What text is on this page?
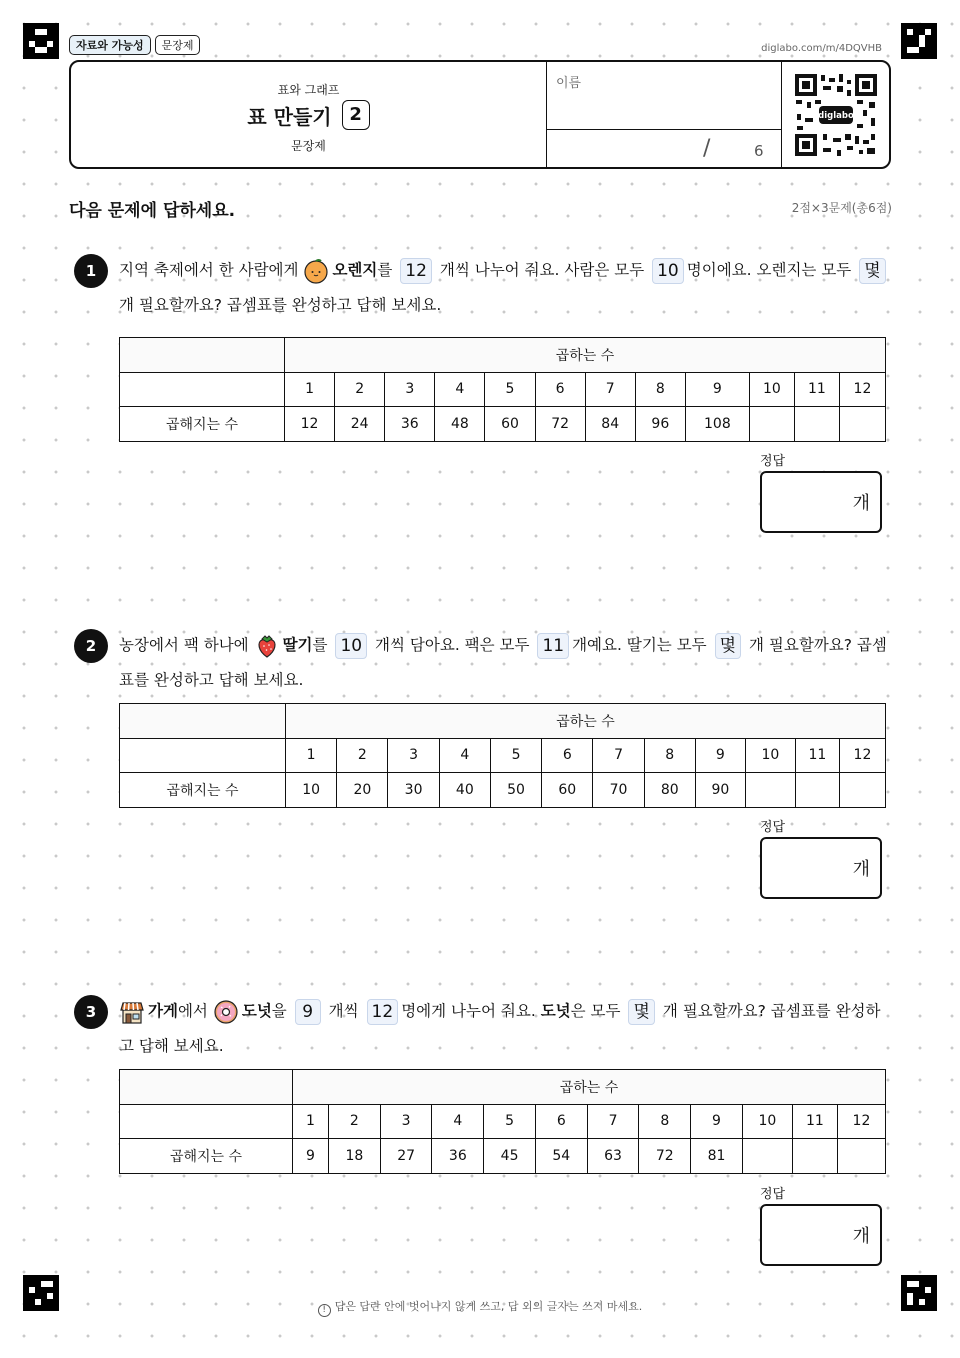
자료와 가능성	문장제	diglabo.com/m/4DQVHB
표와 그래프
표 만들기 2
문장제
이름
/	6
diglabo
다음 문제에 답하세요.	2점×3문제(총6점)
1	지역 축제에서 한 사람에게 오렌지를 12 개씩 나누어 줘요. 사람은 모두 10 명이에요. 오렌지는 모두 몇 개 필요할까요? 곱셈표를 완성하고 답해 보세요.
	곱하는 수											
	1	2	3	4	5	6	7	8	9	10	11	12
곱해지는 수	12	24	36	48	60	72	84	96	108			
정답
개
2	농장에서 팩 하나에 딸기를 10 개씩 담아요. 팩은 모두 11 개예요. 딸기는 모두 몇 개 필요할까요? 곱셈표를 완성하고 답해 보세요.
	곱하는 수											
	1	2	3	4	5	6	7	8	9	10	11	12
곱해지는 수	10	20	30	40	50	60	70	80	90			
정답
개
3	가게에서 도넛을 9 개씩 12 명에게 나누어 줘요. 도넛은 모두 몇 개 필요할까요? 곱셈표를 완성하고 답해 보세요.
	곱하는 수											
	1	2	3	4	5	6	7	8	9	10	11	12
곱해지는 수	9	18	27	36	45	54	63	72	81			
정답
개
! 답은 답란 안에 벗어나지 않게 쓰고, 답 외의 글자는 쓰지 마세요.
